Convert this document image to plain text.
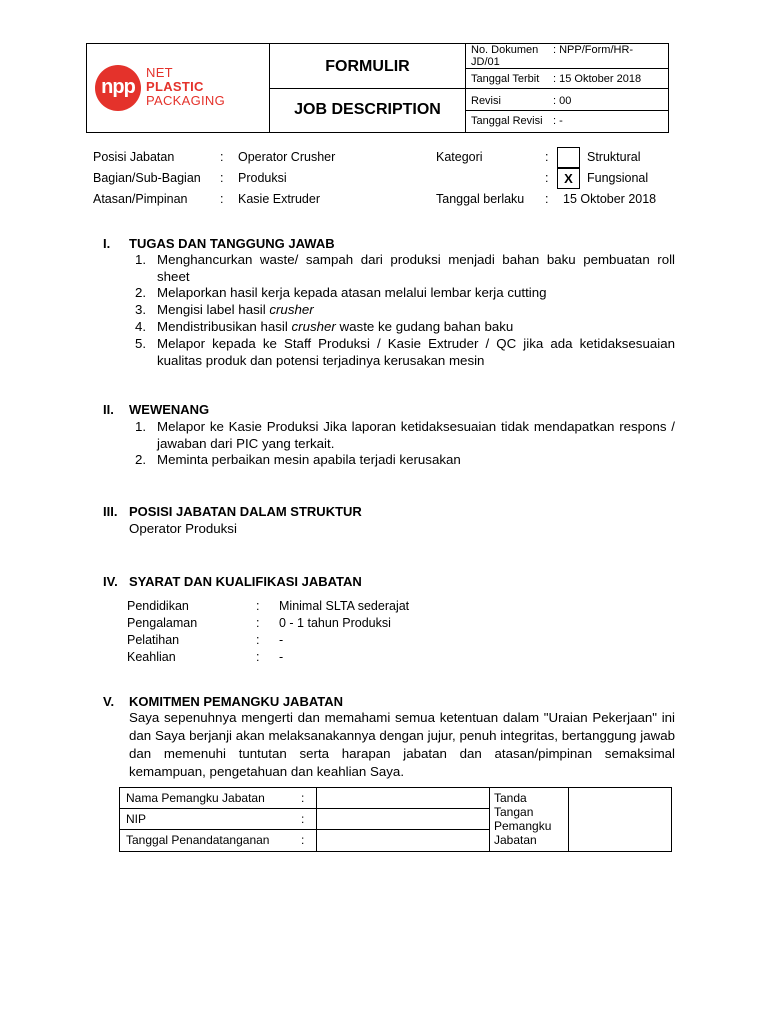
npp
NET
PLASTIC
PACKAGING
FORMULIR
JOB DESCRIPTION
No. Dokumen : NPP/Form/HR-
JD/01
Tanggal Terbit : 15 Oktober 2018
Revisi	: 00
Tanggal Revisi : -
Posisi Jabatan	: Operator Crusher
Bagian/Sub-Bagian : Produksi
Atasan/Pimpinan	: Kasie Extruder
Kategori	:	Struktural
:	X	Fungsional
Tanggal berlaku : 15 Oktober 2018
I. TUGAS DAN TANGGUNG JAWAB
1. Menghancurkan waste/ sampah dari produksi menjadi bahan baku pembuatan roll sheet
2. Melaporkan hasil kerja kepada atasan melalui lembar kerja cutting
3. Mengisi label hasil crusher
4. Mendistribusikan hasil crusher waste ke gudang bahan baku
5. Melapor kepada ke Staff Produksi / Kasie Extruder / QC jika ada ketidaksesuaian kualitas produk dan potensi terjadinya kerusakan mesin
II. WEWENANG
1. Melapor ke Kasie Produksi Jika laporan ketidaksesuaian tidak mendapatkan respons / jawaban dari PIC yang terkait.
2. Meminta perbaikan mesin apabila terjadi kerusakan
III. POSISI JABATAN DALAM STRUKTUR
Operator Produksi
IV. SYARAT DAN KUALIFIKASI JABATAN
Pendidikan	: Minimal SLTA sederajat
Pengalaman	: 0 - 1 tahun Produksi
Pelatihan	: -
Keahlian	: -
V. KOMITMEN PEMANGKU JABATAN
Saya sepenuhnya mengerti dan memahami semua ketentuan dalam "Uraian Pekerjaan" ini dan Saya berjanji akan melaksanakannya dengan jujur, penuh integritas, bertanggung jawab dan memenuhi tuntutan serta harapan jabatan dan atasan/pimpinan semaksimal kemampuan, pengetahuan dan keahlian Saya.
Nama Pemangku Jabatan	:
NIP	:
Tanggal Penandatanganan	:
Tanda
Tangan
Pemangku
Jabatan
